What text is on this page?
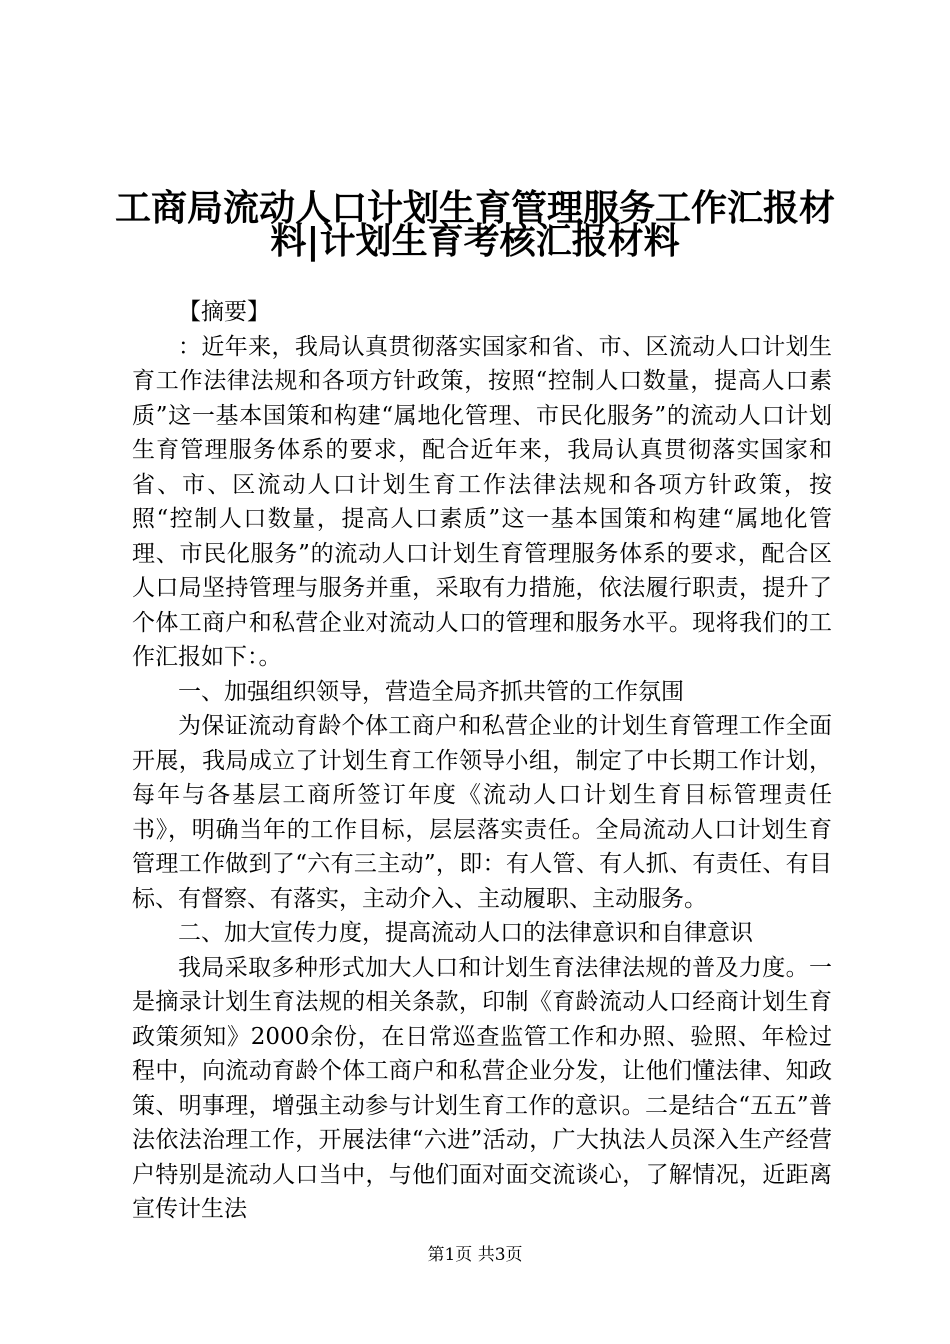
工商局流动人口计划生育管理服务工作汇报材
料|计划生育考核汇报材料

【摘要】

：近年来，我局认真贯彻落实国家和省、市、区流动人口计划生育工作法律法规和各项方针政策，按照“控制人口数量，提高人口素质”这一基本国策和构建“属地化管理、市民化服务”的流动人口计划生育管理服务体系的要求，配合近年来，我局认真贯彻落实国家和省、市、区流动人口计划生育工作法律法规和各项方针政策，按照“控制人口数量，提高人口素质”这一基本国策和构建“属地化管理、市民化服务”的流动人口计划生育管理服务体系的要求，配合区人口局坚持管理与服务并重，采取有力措施，依法履行职责，提升了个体工商户和私营企业对流动人口的管理和服务水平。现将我们的工作汇报如下：。

一、加强组织领导，营造全局齐抓共管的工作氛围

为保证流动育龄个体工商户和私营企业的计划生育管理工作全面开展，我局成立了计划生育工作领导小组，制定了中长期工作计划，每年与各基层工商所签订年度《流动人口计划生育目标管理责任书》，明确当年的工作目标，层层落实责任。全局流动人口计划生育管理工作做到了“六有三主动”，即：有人管、有人抓、有责任、有目标、有督察、有落实，主动介入、主动履职、主动服务。

二、加大宣传力度，提高流动人口的法律意识和自律意识

我局采取多种形式加大人口和计划生育法律法规的普及力度。一是摘录计划生育法规的相关条款，印制《育龄流动人口经商计划生育政策须知》2000余份，在日常巡查监管工作和办照、验照、年检过程中，向流动育龄个体工商户和私营企业分发，让他们懂法律、知政策、明事理，增强主动参与计划生育工作的意识。二是结合“五五”普法依法治理工作，开展法律“六进”活动，广大执法人员深入生产经营户特别是流动人口当中，与他们面对面交流谈心，了解情况，近距离宣传计生法

第1页 共3页
